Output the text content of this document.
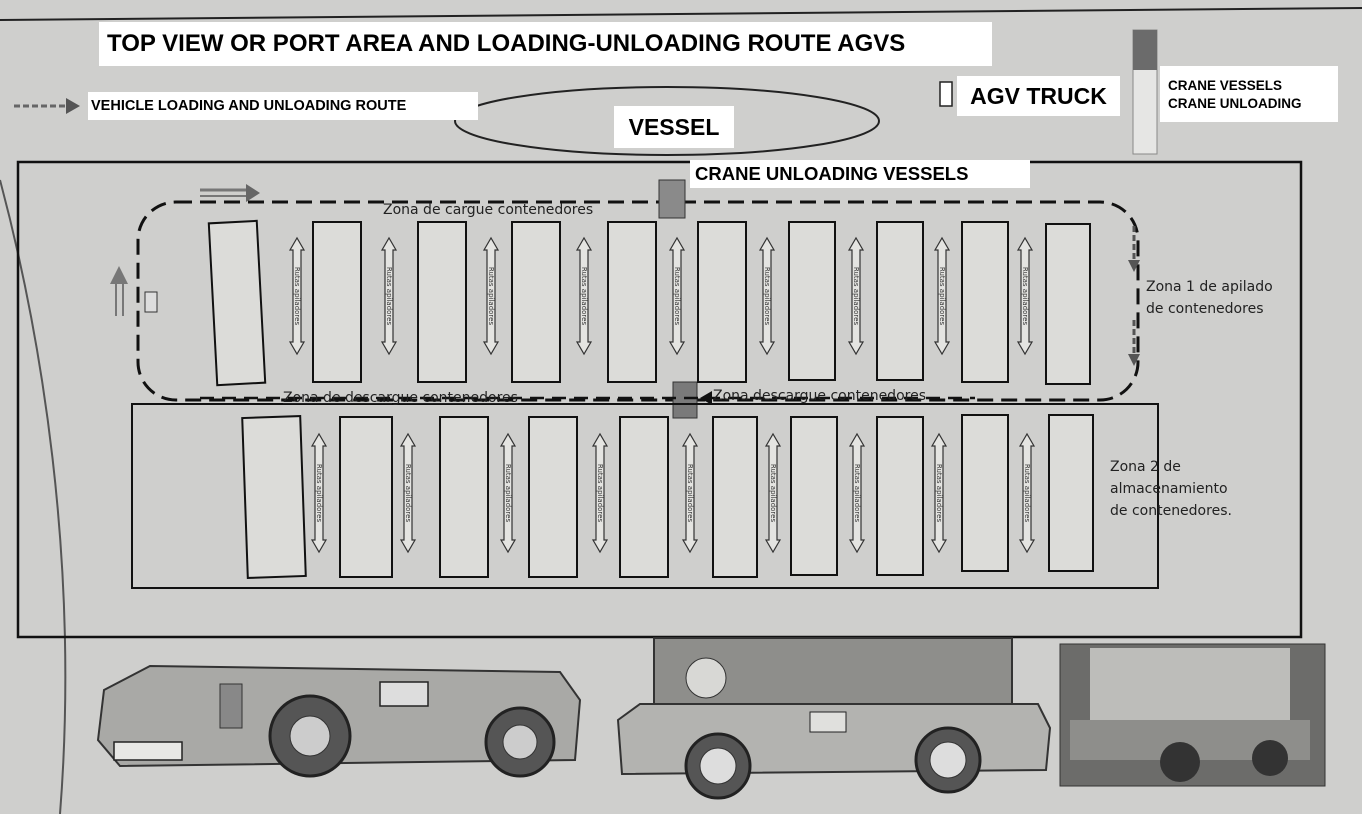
Rutas apiladores	Rutas apiladores	Rutas apiladores	Rutas apiladores	Rutas apiladores	Rutas apiladores	Rutas apiladores	Rutas apiladores	Rutas apiladores
Rutas apiladores	Rutas apiladores	Rutas apiladores	Rutas apiladores	Rutas apiladores	Rutas apiladores	Rutas apiladores	Rutas apiladores	Rutas apiladores
TOP VIEW OR PORT AREA AND LOADING-UNLOADING ROUTE AGVS
VEHICLE LOADING AND UNLOADING ROUTE
VESSEL
AGV TRUCK	CRANE VESSELS
CRANE UNLOADING
CRANE UNLOADING VESSELS
Zona de cargue contenedores
Zona de descargue contenedores	Zona descargue contenedores
Zona 1 de apilado
de contenedores
Zona 2 de
almacenamiento
de contenedores.
